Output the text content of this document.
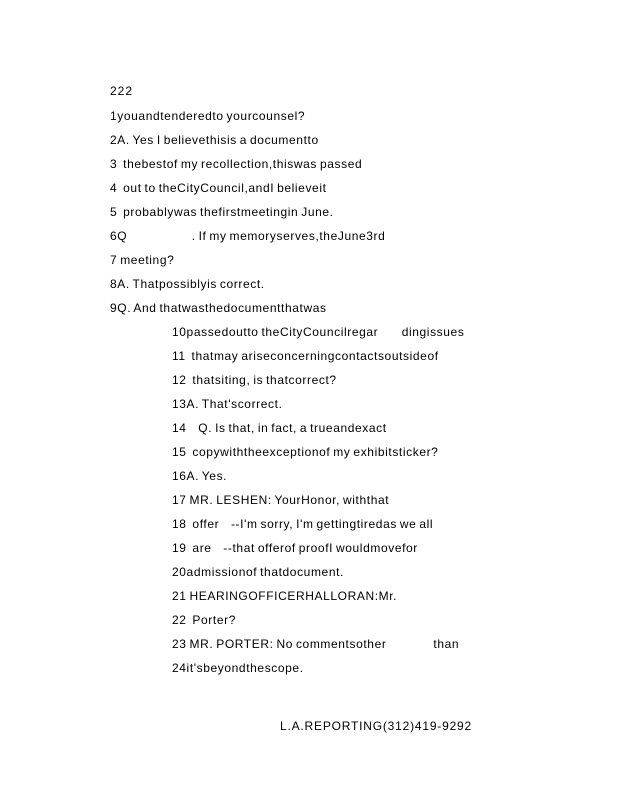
222
1youandtenderedto yourcounsel?
2A. Yes I believethisis a documentto
3  thebestof my recollection,thiswas passed
4  out to theCityCouncil,andI believeit
5  probablywas thefirstmeetingin June.
6Q                      . If my memoryserves,theJune3rd
7 meeting?
8A. Thatpossiblyis correct.
9Q. And thatwasthedocumentthatwas
10passedoutto theCityCouncilregar        dingissues
11  thatmay ariseconcerningcontactsoutsideof
12  thatsiting, is thatcorrect?
13A. That'scorrect.
14    Q. Is that, in fact, a trueandexact
15  copywiththeexceptionof my exhibitsticker?
16A. Yes.
17 MR. LESHEN: YourHonor, withthat
18  offer    --I'm sorry, I'm gettingtiredas we all
19  are    --that offerof proofI wouldmovefor
20admissionof thatdocument.
21 HEARINGOFFICERHALLORAN:Mr.
22  Porter?
23 MR. PORTER: No commentsother                than
24it'sbeyondthescope.
L.A.REPORTING(312)419-9292
